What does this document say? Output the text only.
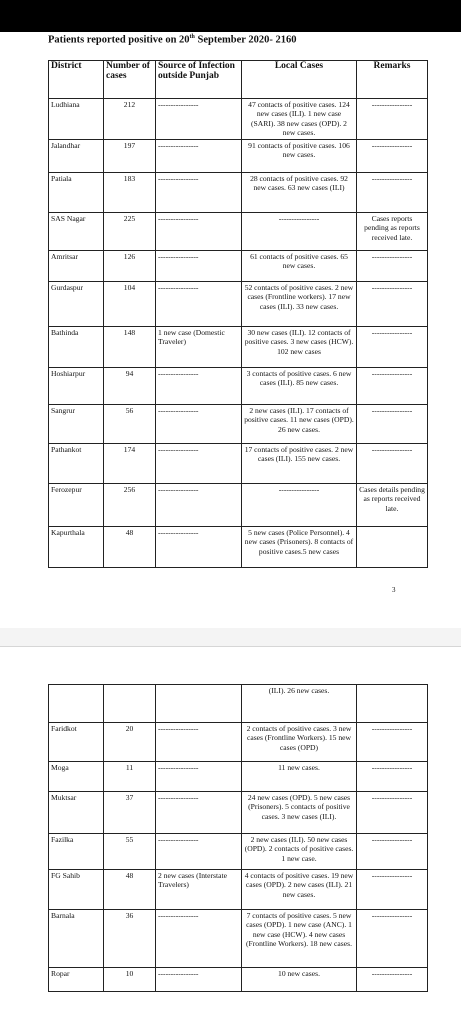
Patients reported positive on 20th September 2020- 2160
District	Number of cases	Source of Infection outside Punjab	Local Cases	Remarks
Ludhiana	212	----------------	47 contacts of positive cases. 124 new cases (ILI). 1 new case (SARI). 38 new cases (OPD). 2 new cases.	----------------
Jalandhar	197	----------------	91 contacts of positive cases. 106 new cases.	----------------
Patiala	183	----------------	28 contacts of positive cases. 92 new cases. 63 new cases (ILI)	----------------
SAS Nagar	225	----------------	----------------	Cases reports pending as reports received late.
Amritsar	126	----------------	61 contacts of positive cases. 65 new cases.	----------------
Gurdaspur	104	----------------	52 contacts of positive cases. 2 new cases (Frontline workers). 17 new cases (ILI). 33 new cases.	----------------
Bathinda	148	1 new case (Domestic Traveler)	30 new cases (ILI). 12 contacts of positive cases. 3 new cases (HCW). 102 new cases	----------------
Hoshiarpur	94	----------------	3 contacts of positive cases. 6 new cases (ILI). 85 new cases.	----------------
Sangrur	56	----------------	2 new cases (ILI). 17 contacts of positive cases. 11 new cases (OPD). 26 new cases.	----------------
Pathankot	174	----------------	17 contacts of positive cases. 2 new cases (ILI). 155 new cases.	----------------
Ferozepur	256	----------------	----------------	Cases details pending as reports received late.
Kapurthala	48	----------------	5 new cases (Police Personnel). 4 new cases (Prisoners). 8 contacts of positive cases.5 new cases	
3
			(ILI). 26 new cases.	
Faridkot	20	----------------	2 contacts of positive cases. 3 new cases (Frontline Workers). 15 new cases (OPD)	----------------
Moga	11	----------------	11 new cases.	----------------
Muktsar	37	----------------	24 new cases (OPD). 5 new cases (Prisoners). 5 contacts of positive cases. 3 new cases (ILI).	----------------
Fazilka	55	----------------	2 new cases (ILI). 50 new cases (OPD). 2 contacts of positive cases. 1 new case.	----------------
FG Sahib	48	2 new cases (Interstate Travelers)	4 contacts of positive cases. 19 new cases (OPD). 2 new cases (ILI). 21 new cases.	----------------
Barnala	36	----------------	7 contacts of positive cases. 5 new cases (OPD). 1 new case (ANC). 1 new case (HCW). 4 new cases (Frontline Workers). 18 new cases.	----------------
Ropar	10	----------------	10 new cases.	----------------
